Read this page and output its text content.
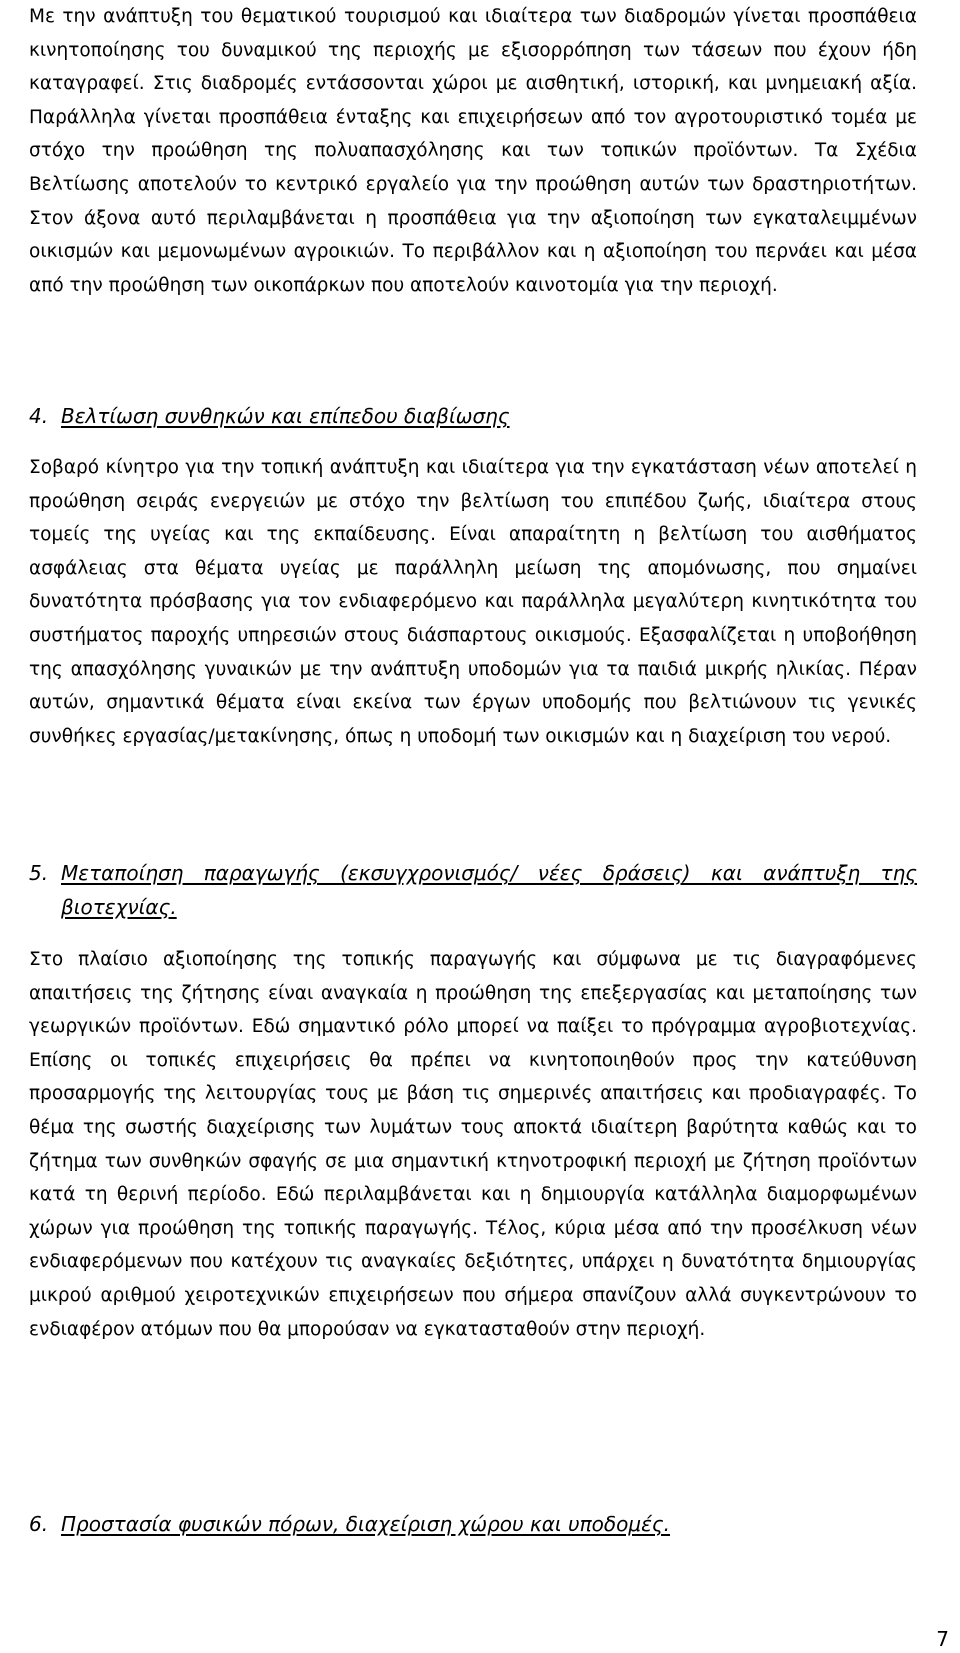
Με την ανάπτυξη του θεματικού τουρισμού και ιδιαίτερα των διαδρομών γίνεται προσπάθεια κινητοποίησης του δυναμικού της περιοχής με εξισορρόπηση των τάσεων που έχουν ήδη καταγραφεί. Στις διαδρομές εντάσσονται χώροι με αισθητική, ιστορική, και μνημειακή αξία. Παράλληλα γίνεται προσπάθεια ένταξης και επιχειρήσεων από τον αγροτουριστικό τομέα με στόχο την προώθηση της πολυαπασχόλησης και των τοπικών προϊόντων. Τα Σχέδια Βελτίωσης αποτελούν το κεντρικό εργαλείο για την προώθηση αυτών των δραστηριοτήτων. Στον άξονα αυτό περιλαμβάνεται η προσπάθεια για την αξιοποίηση των εγκαταλειμμένων οικισμών και μεμονωμένων αγροικιών. Το περιβάλλον και η αξιοποίηση του περνάει και μέσα από την προώθηση των οικοπάρκων που αποτελούν καινοτομία για την περιοχή.

4. Βελτίωση συνθηκών και επίπεδου διαβίωσης

Σοβαρό κίνητρο για την τοπική ανάπτυξη και ιδιαίτερα για την εγκατάσταση νέων αποτελεί η προώθηση σειράς ενεργειών με στόχο την βελτίωση του επιπέδου ζωής, ιδιαίτερα στους τομείς της υγείας και της εκπαίδευσης. Είναι απαραίτητη η βελτίωση του αισθήματος ασφάλειας στα θέματα υγείας με παράλληλη μείωση της απομόνωσης, που σημαίνει δυνατότητα πρόσβασης για τον ενδιαφερόμενο και παράλληλα μεγαλύτερη κινητικότητα του συστήματος παροχής υπηρεσιών στους διάσπαρτους οικισμούς. Εξασφαλίζεται η υποβοήθηση της απασχόλησης γυναικών με την ανάπτυξη υποδομών για τα παιδιά μικρής ηλικίας. Πέραν αυτών, σημαντικά θέματα είναι εκείνα των έργων υποδομής που βελτιώνουν τις γενικές συνθήκες εργασίας/μετακίνησης, όπως η υποδομή των οικισμών και η διαχείριση του νερού.

5. Μεταποίηση παραγωγής (εκσυγχρονισμός/ νέες δράσεις) και ανάπτυξη της βιοτεχνίας.

Στο πλαίσιο αξιοποίησης της τοπικής παραγωγής και σύμφωνα με τις διαγραφόμενες απαιτήσεις της ζήτησης είναι αναγκαία η προώθηση της επεξεργασίας και μεταποίησης των γεωργικών προϊόντων. Εδώ σημαντικό ρόλο μπορεί να παίξει το πρόγραμμα αγροβιοτεχνίας. Επίσης οι τοπικές επιχειρήσεις θα πρέπει να κινητοποιηθούν προς την κατεύθυνση προσαρμογής της λειτουργίας τους με βάση τις σημερινές απαιτήσεις και προδιαγραφές. Το θέμα της σωστής διαχείρισης των λυμάτων τους αποκτά ιδιαίτερη βαρύτητα καθώς και το ζήτημα των συνθηκών σφαγής σε μια σημαντική κτηνοτροφική περιοχή με ζήτηση προϊόντων κατά τη θερινή περίοδο. Εδώ περιλαμβάνεται και η δημιουργία κατάλληλα διαμορφωμένων χώρων για προώθηση της τοπικής παραγωγής. Τέλος, κύρια μέσα από την προσέλκυση νέων ενδιαφερόμενων που κατέχουν τις αναγκαίες δεξιότητες, υπάρχει η δυνατότητα δημιουργίας μικρού αριθμού χειροτεχνικών επιχειρήσεων που σήμερα σπανίζουν αλλά συγκεντρώνουν το ενδιαφέρον ατόμων που θα μπορούσαν να εγκατασταθούν στην περιοχή.

6. Προστασία φυσικών πόρων, διαχείριση χώρου και υποδομές.
7
